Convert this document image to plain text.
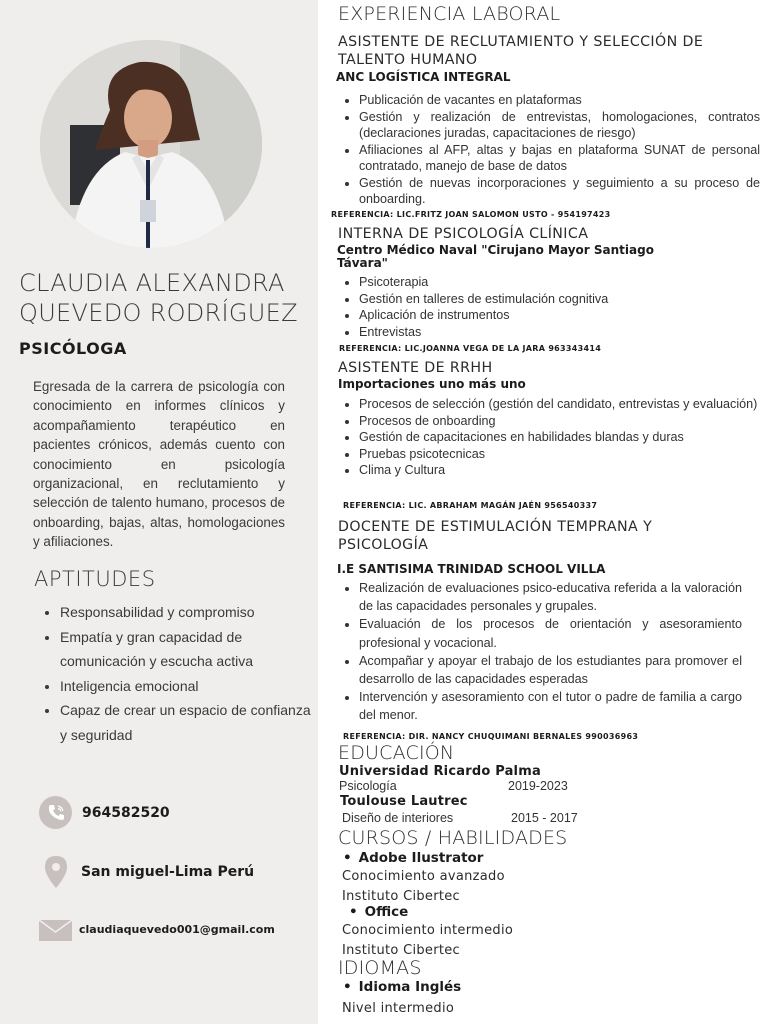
CLAUDIA ALEXANDRA QUEVEDO RODRÍGUEZ
PSICÓLOGA
Egresada de la carrera de psicología con conocimiento en informes clínicos y acompañamiento terapéutico en pacientes crónicos, además cuento con conocimiento en psicología organizacional, en reclutamiento y selección de talento humano, procesos de onboarding, bajas, altas, homologaciones y afiliaciones.
APTITUDES
• Responsabilidad y compromiso
• Empatía y gran capacidad de comunicación y escucha activa
• Inteligencia emocional
• Capaz de crear un espacio de confianza y seguridad
964582520
San miguel-Lima Perú
claudiaquevedo001@gmail.com
EXPERIENCIA LABORAL
ASISTENTE DE RECLUTAMIENTO Y SELECCIÓN DE TALENTO HUMANO
ANC LOGÍSTICA INTEGRAL
• Publicación de vacantes en plataformas
• Gestión y realización de entrevistas, homologaciones, contratos (declaraciones juradas, capacitaciones de riesgo)
• Afiliaciones al AFP, altas y bajas en plataforma SUNAT de personal contratado, manejo de base de datos
• Gestión de nuevas incorporaciones y seguimiento a su proceso de onboarding.
REFERENCIA: LIC.FRITZ JOAN SALOMON USTO - 954197423
INTERNA DE PSICOLOGÍA CLÍNICA
Centro Médico Naval "Cirujano Mayor Santiago Távara"
• Psicoterapia
• Gestión en talleres de estimulación cognitiva
• Aplicación de instrumentos
• Entrevistas
REFERENCIA: LIC.JOANNA VEGA DE LA JARA 963343414
ASISTENTE DE RRHH
Importaciones uno más uno
• Procesos de selección (gestión del candidato, entrevistas y evaluación)
• Procesos de onboarding
• Gestión de capacitaciones en habilidades blandas y duras
• Pruebas psicotecnicas
• Clima y Cultura
REFERENCIA: LIC. ABRAHAM MAGÁN JAÉN 956540337
DOCENTE DE ESTIMULACIÓN TEMPRANA Y PSICOLOGÍA
I.E SANTISIMA TRINIDAD SCHOOL VILLA
• Realización de evaluaciones psico-educativa referida a la valoración de las capacidades personales y grupales.
• Evaluación de los procesos de orientación y asesoramiento profesional y vocacional.
• Acompañar y apoyar el trabajo de los estudiantes para promover el desarrollo de las capacidades esperadas
• Intervención y asesoramiento con el tutor o padre de familia a cargo del menor.
REFERENCIA: DIR. NANCY CHUQUIMANI BERNALES 990036963
EDUCACIÓN
Universidad Ricardo Palma
Psicología	2019-2023
Toulouse Lautrec
Diseño de interiores	2015 - 2017
CURSOS / HABILIDADES
• Adobe Ilustrator
Conocimiento avanzado
Instituto Cibertec
• Office
Conocimiento intermedio
Instituto Cibertec
IDIOMAS
• Idioma Inglés
Nivel intermedio
